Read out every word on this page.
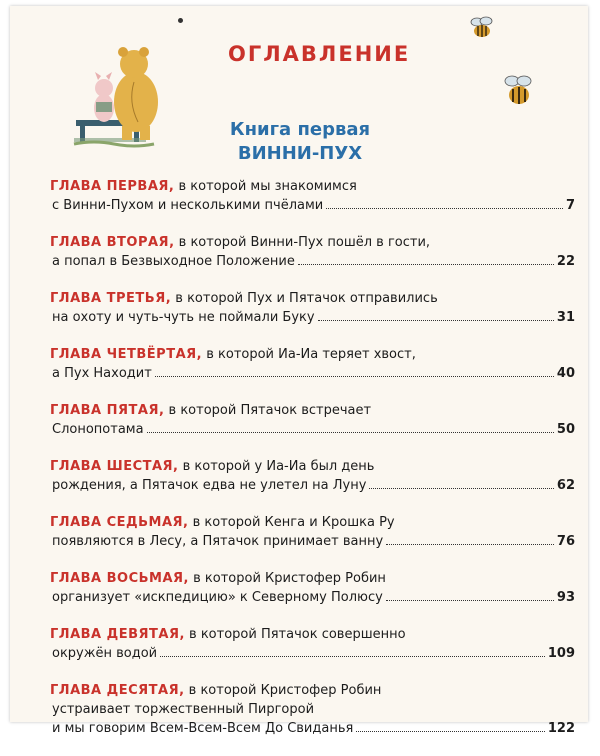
ОГЛАВЛЕНИЕ
Книга первая
ВИННИ-ПУХ
ГЛАВА ПЕРВАЯ, в которой мы знакомимся
с Винни-Пухом и несколькими пчёлами	7
ГЛАВА ВТОРАЯ, в которой Винни-Пух пошёл в гости,
а попал в Безвыходное Положение	22
ГЛАВА ТРЕТЬЯ, в которой Пух и Пятачок отправились
на охоту и чуть-чуть не поймали Буку	31
ГЛАВА ЧЕТВЁРТАЯ, в которой Иа-Иа теряет хвост,
а Пух Находит	40
ГЛАВА ПЯТАЯ, в которой Пятачок встречает
Слонопотама	50
ГЛАВА ШЕСТАЯ, в которой у Иа-Иа был день
рождения, а Пятачок едва не улетел на Луну	62
ГЛАВА СЕДЬМАЯ, в которой Кенга и Крошка Ру
появляются в Лесу, а Пятачок принимает ванну	76
ГЛАВА ВОСЬМАЯ, в которой Кристофер Робин
организует «искпедицию» к Северному Полюсу	93
ГЛАВА ДЕВЯТАЯ, в которой Пятачок совершенно
окружён водой	109
ГЛАВА ДЕСЯТАЯ, в которой Кристофер Робин
устраивает торжественный Пиргорой
и мы говорим Всем-Всем-Всем До Свиданья	122
